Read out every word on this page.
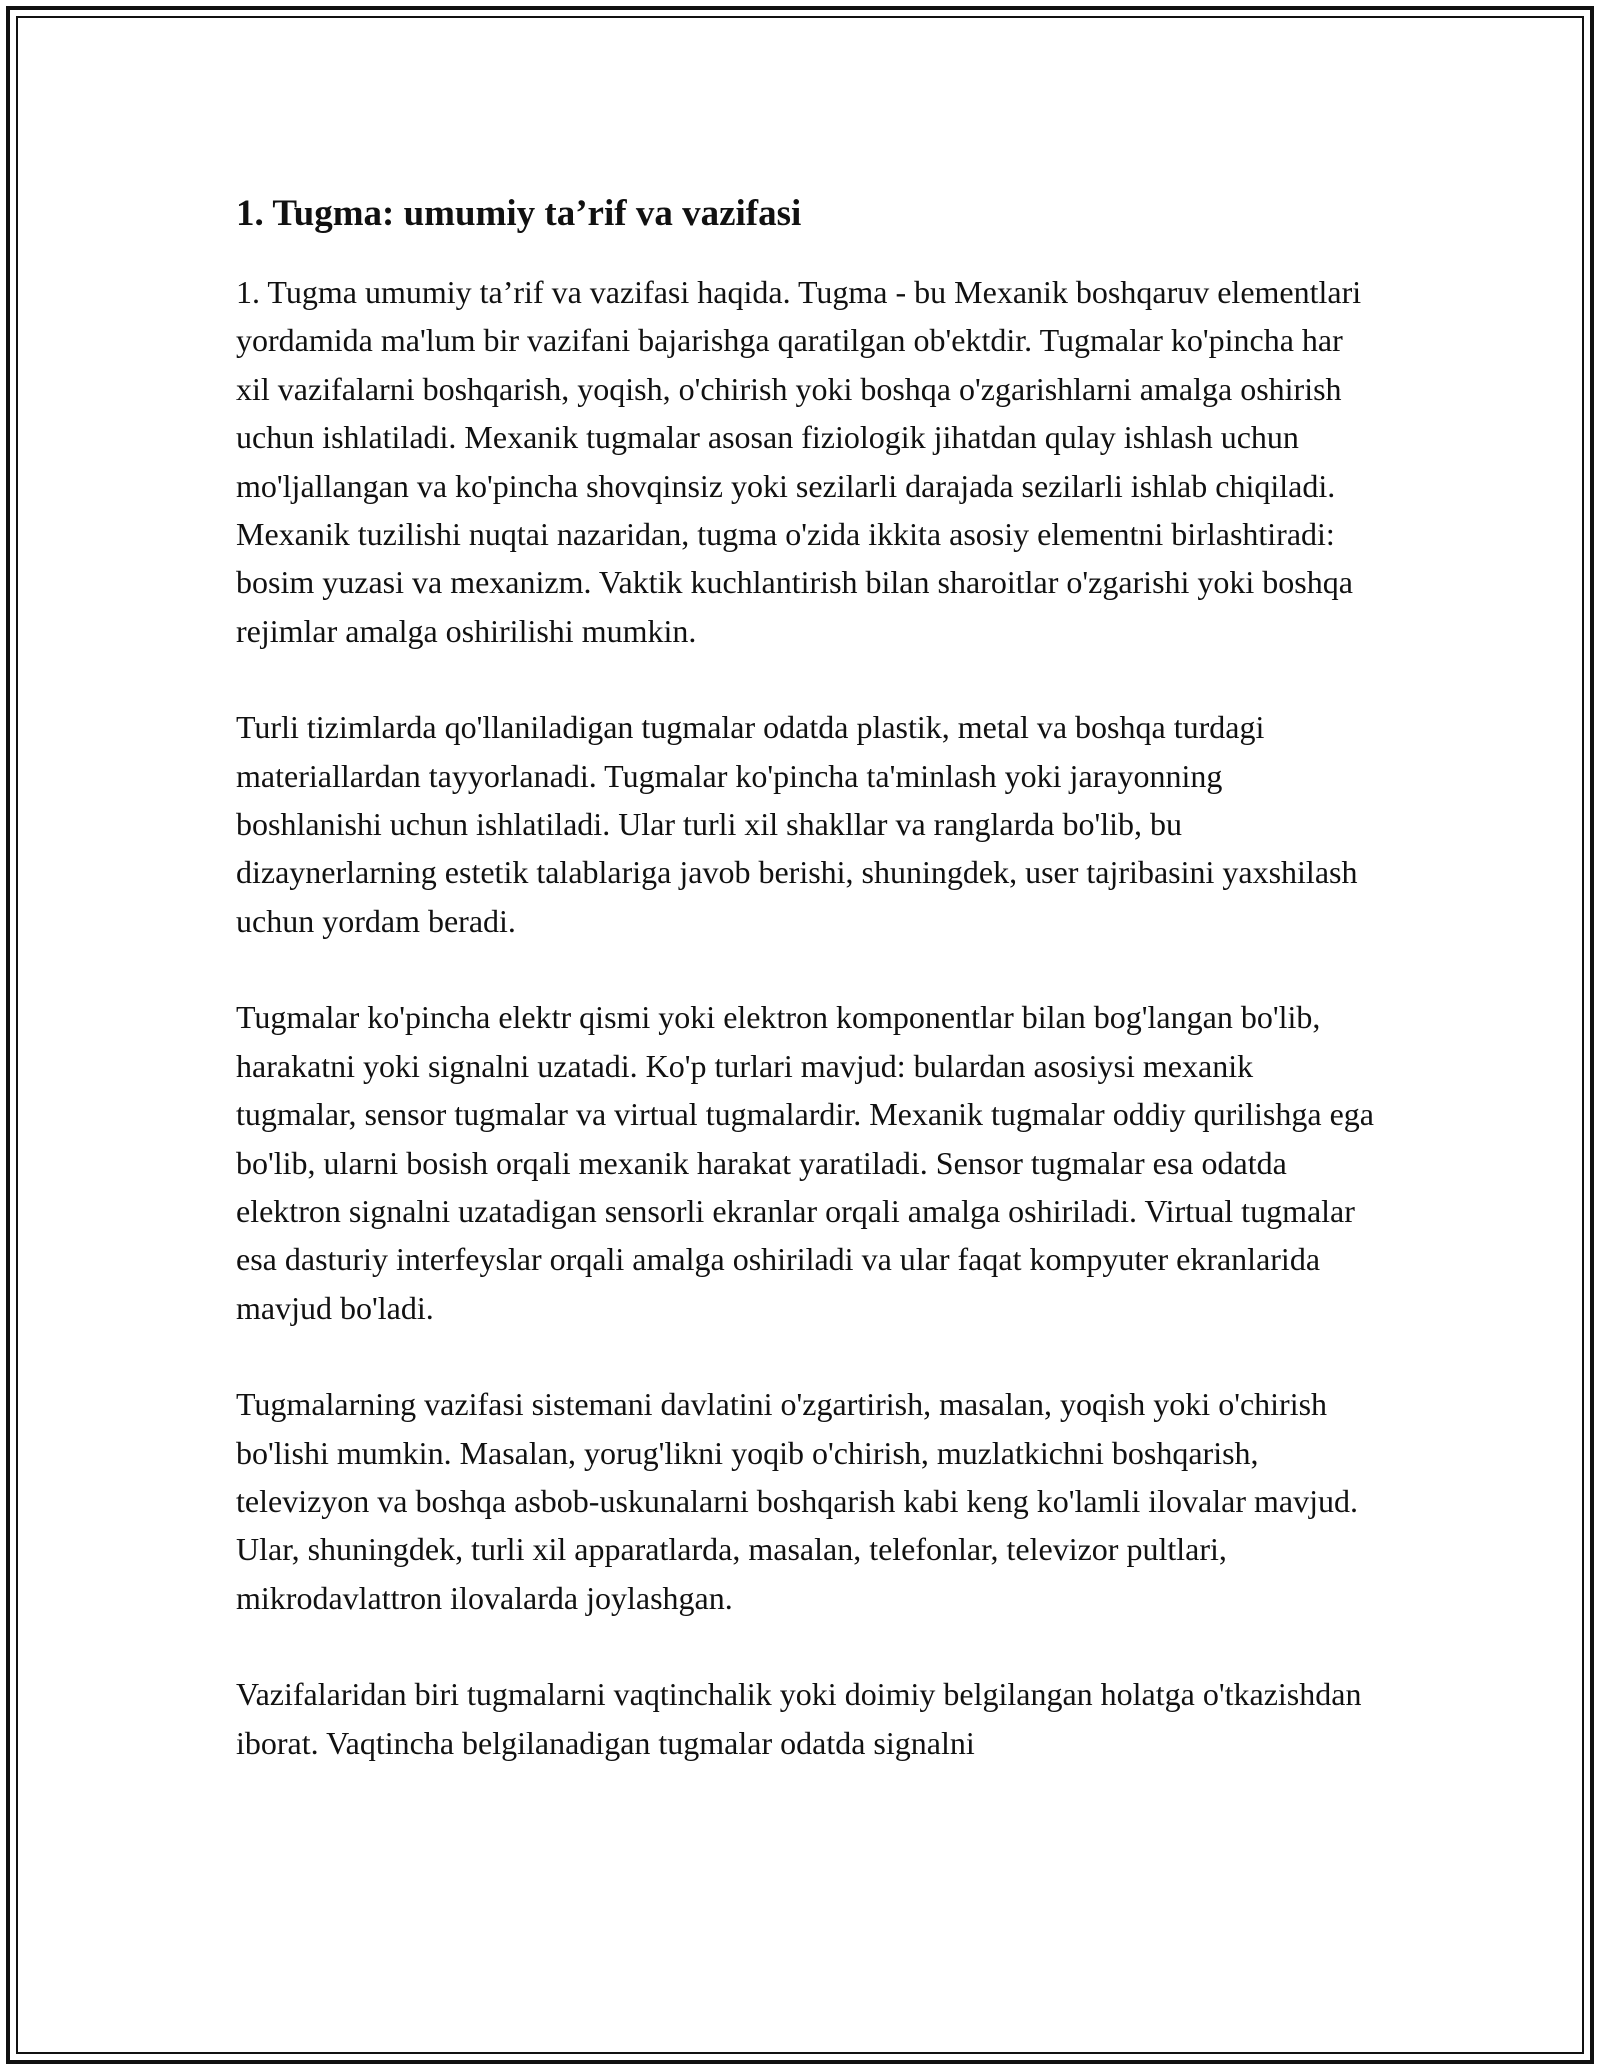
1. Tugma: umumiy ta’rif va vazifasi

1. Tugma umumiy ta’rif va vazifasi haqida. Tugma - bu Mexanik boshqaruv elementlari yordamida ma'lum bir vazifani bajarishga qaratilgan ob'ektdir. Tugmalar ko'pincha har xil vazifalarni boshqarish, yoqish, o'chirish yoki boshqa o'zgarishlarni amalga oshirish uchun ishlatiladi. Mexanik tugmalar asosan fiziologik jihatdan qulay ishlash uchun mo'ljallangan va ko'pincha shovqinsiz yoki sezilarli darajada sezilarli ishlab chiqiladi. Mexanik tuzilishi nuqtai nazaridan, tugma o'zida ikkita asosiy elementni birlashtiradi: bosim yuzasi va mexanizm. Vaktik kuchlantirish bilan sharoitlar o'zgarishi yoki boshqa rejimlar amalga oshirilishi mumkin.

Turli tizimlarda qo'llaniladigan tugmalar odatda plastik, metal va boshqa turdagi materiallardan tayyorlanadi. Tugmalar ko'pincha ta'minlash yoki jarayonning boshlanishi uchun ishlatiladi. Ular turli xil shakllar va ranglarda bo'lib, bu dizaynerlarning estetik talablariga javob berishi, shuningdek, user tajribasini yaxshilash uchun yordam beradi.

Tugmalar ko'pincha elektr qismi yoki elektron komponentlar bilan bog'langan bo'lib, harakatni yoki signalni uzatadi. Ko'p turlari mavjud: bulardan asosiysi mexanik tugmalar, sensor tugmalar va virtual tugmalardir. Mexanik tugmalar oddiy qurilishga ega bo'lib, ularni bosish orqali mexanik harakat yaratiladi. Sensor tugmalar esa odatda elektron signalni uzatadigan sensorli ekranlar orqali amalga oshiriladi. Virtual tugmalar esa dasturiy interfeyslar orqali amalga oshiriladi va ular faqat kompyuter ekranlarida mavjud bo'ladi.

Tugmalarning vazifasi sistemani davlatini o'zgartirish, masalan, yoqish yoki o'chirish bo'lishi mumkin. Masalan, yorug'likni yoqib o'chirish, muzlatkichni boshqarish, televizyon va boshqa asbob-uskunalarni boshqarish kabi keng ko'lamli ilovalar mavjud. Ular, shuningdek, turli xil apparatlarda, masalan, telefonlar, televizor pultlari, mikrodavlattron ilovalarda joylashgan.

Vazifalaridan biri tugmalarni vaqtinchalik yoki doimiy belgilangan holatga o'tkazishdan iborat. Vaqtincha belgilanadigan tugmalar odatda signalni
